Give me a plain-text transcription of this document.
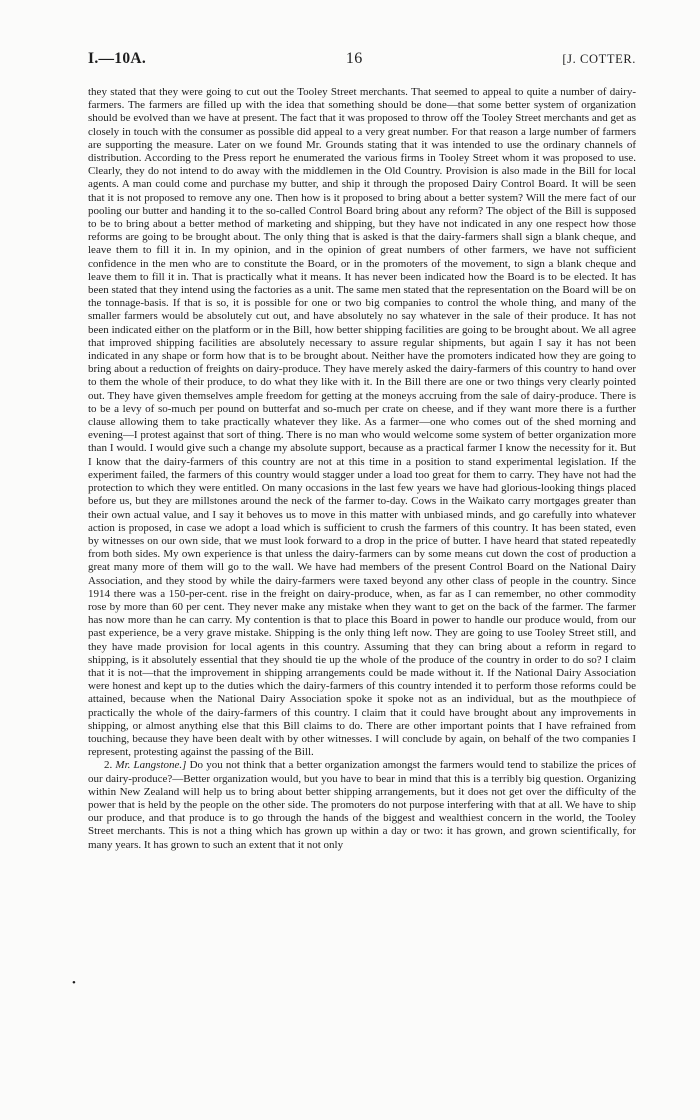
I.—10A.	16	[J. COTTER.

they stated that they were going to cut out the Tooley Street merchants. That seemed to appeal to quite a number of dairy-farmers. The farmers are filled up with the idea that something should be done—that some better system of organization should be evolved than we have at present. The fact that it was proposed to throw off the Tooley Street merchants and get as closely in touch with the consumer as possible did appeal to a very great number. For that reason a large number of farmers are supporting the measure. Later on we found Mr. Grounds stating that it was intended to use the ordinary channels of distribution. According to the Press report he enumerated the various firms in Tooley Street whom it was proposed to use. Clearly, they do not intend to do away with the middlemen in the Old Country. Provision is also made in the Bill for local agents. A man could come and purchase my butter, and ship it through the proposed Dairy Control Board. It will be seen that it is not proposed to remove any one. Then how is it proposed to bring about a better system? Will the mere fact of our pooling our butter and handing it to the so-called Control Board bring about any reform? The object of the Bill is supposed to be to bring about a better method of marketing and shipping, but they have not indicated in any one respect how those reforms are going to be brought about. The only thing that is asked is that the dairy-farmers shall sign a blank cheque, and leave them to fill it in. In my opinion, and in the opinion of great numbers of other farmers, we have not sufficient confidence in the men who are to constitute the Board, or in the promoters of the movement, to sign a blank cheque and leave them to fill it in. That is practically what it means. It has never been indicated how the Board is to be elected. It has been stated that they intend using the factories as a unit. The same men stated that the representation on the Board will be on the tonnage-basis. If that is so, it is possible for one or two big companies to control the whole thing, and many of the smaller farmers would be absolutely cut out, and have absolutely no say whatever in the sale of their produce. It has not been indicated either on the platform or in the Bill, how better shipping facilities are going to be brought about. We all agree that improved shipping facilities are absolutely necessary to assure regular shipments, but again I say it has not been indicated in any shape or form how that is to be brought about. Neither have the promoters indicated how they are going to bring about a reduction of freights on dairy-produce. They have merely asked the dairy-farmers of this country to hand over to them the whole of their produce, to do what they like with it. In the Bill there are one or two things very clearly pointed out. They have given themselves ample freedom for getting at the moneys accruing from the sale of dairy-produce. There is to be a levy of so-much per pound on butterfat and so-much per crate on cheese, and if they want more there is a further clause allowing them to take practically whatever they like. As a farmer—one who comes out of the shed morning and evening—I protest against that sort of thing. There is no man who would welcome some system of better organization more than I would. I would give such a change my absolute support, because as a practical farmer I know the necessity for it. But I know that the dairy-farmers of this country are not at this time in a position to stand experimental legislation. If the experiment failed, the farmers of this country would stagger under a load too great for them to carry. They have not had the protection to which they were entitled. On many occasions in the last few years we have had glorious-looking things placed before us, but they are millstones around the neck of the farmer to-day. Cows in the Waikato carry mortgages greater than their own actual value, and I say it behoves us to move in this matter with unbiased minds, and go carefully into whatever action is proposed, in case we adopt a load which is sufficient to crush the farmers of this country. It has been stated, even by witnesses on our own side, that we must look forward to a drop in the price of butter. I have heard that stated repeatedly from both sides. My own experience is that unless the dairy-farmers can by some means cut down the cost of production a great many more of them will go to the wall. We have had members of the present Control Board on the National Dairy Association, and they stood by while the dairy-farmers were taxed beyond any other class of people in the country. Since 1914 there was a 150-per-cent. rise in the freight on dairy-produce, when, as far as I can remember, no other commodity rose by more than 60 per cent. They never make any mistake when they want to get on the back of the farmer. The farmer has now more than he can carry. My contention is that to place this Board in power to handle our produce would, from our past experience, be a very grave mistake. Shipping is the only thing left now. They are going to use Tooley Street still, and they have made provision for local agents in this country. Assuming that they can bring about a reform in regard to shipping, is it absolutely essential that they should tie up the whole of the produce of the country in order to do so? I claim that it is not—that the improvement in shipping arrangements could be made without it. If the National Dairy Association were honest and kept up to the duties which the dairy-farmers of this country intended it to perform those reforms could be attained, because when the National Dairy Association spoke it spoke not as an individual, but as the mouthpiece of practically the whole of the dairy-farmers of this country. I claim that it could have brought about any improvements in shipping, or almost anything else that this Bill claims to do. There are other important points that I have refrained from touching, because they have been dealt with by other witnesses. I will conclude by again, on behalf of the two companies I represent, protesting against the passing of the Bill.

2. Mr. Langstone.] Do you not think that a better organization amongst the farmers would tend to stabilize the prices of our dairy-produce?—Better organization would, but you have to bear in mind that this is a terribly big question. Organizing within New Zealand will help us to bring about better shipping arrangements, but it does not get over the difficulty of the power that is held by the people on the other side. The promoters do not purpose interfering with that at all. We have to ship our produce, and that produce is to go through the hands of the biggest and wealthiest concern in the world, the Tooley Street merchants. This is not a thing which has grown up within a day or two: it has grown, and grown scientifically, for many years. It has grown to such an extent that it not only

•
